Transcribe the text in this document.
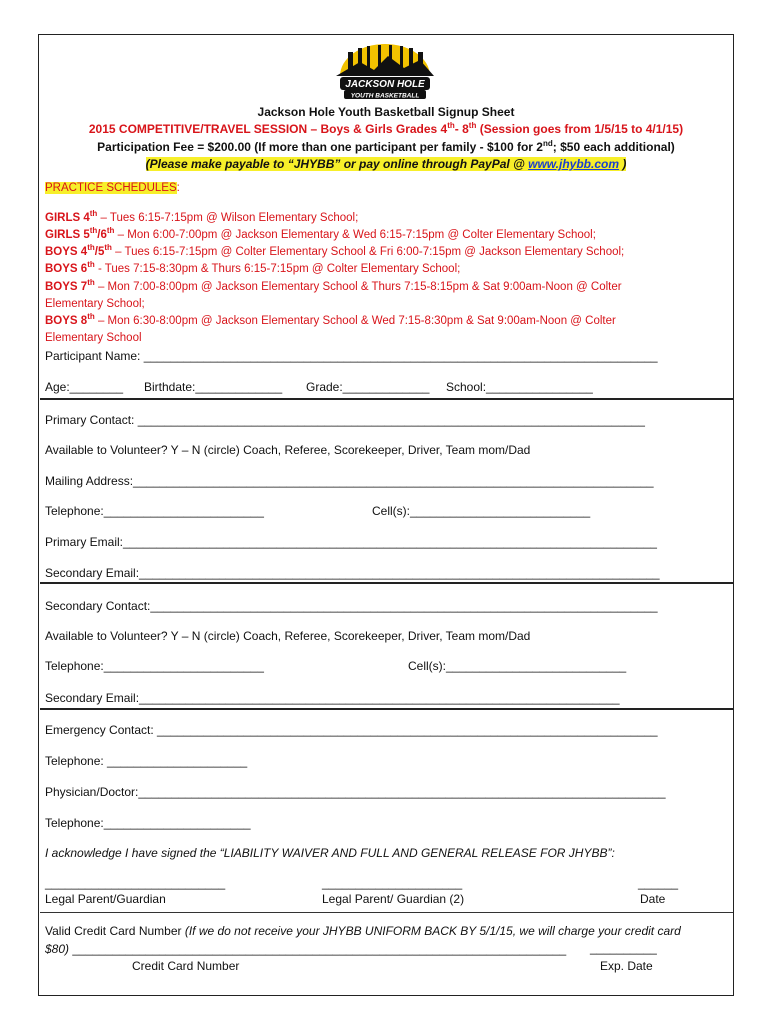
JACKSON HOLE
YOUTH BASKETBALL
Jackson Hole Youth Basketball Signup Sheet
2015 COMPETITIVE/TRAVEL SESSION – Boys & Girls Grades 4th- 8th (Session goes from 1/5/15 to 4/1/15)
Participation Fee = $200.00 (If more than one participant per family - $100 for 2nd; $50 each additional)
(Please make payable to “JHYBB” or pay online through PayPal @ www.jhybb.com )
PRACTICE SCHEDULES:
GIRLS 4th – Tues 6:15-7:15pm @ Wilson Elementary School;
GIRLS 5th/6th – Mon 6:00-7:00pm @ Jackson Elementary & Wed 6:15-7:15pm @ Colter Elementary School;
BOYS 4th/5th – Tues 6:15-7:15pm @ Colter Elementary School & Fri 6:00-7:15pm @ Jackson Elementary School;
BOYS 6th - Tues 7:15-8:30pm & Thurs 6:15-7:15pm @ Colter Elementary School;
BOYS 7th – Mon 7:00-8:00pm @ Jackson Elementary School & Thurs 7:15-8:15pm & Sat 9:00am-Noon @ Colter
Elementary School;
BOYS 8th – Mon 6:30-8:00pm @ Jackson Elementary School & Wed 7:15-8:30pm & Sat 9:00am-Noon @ Colter
Elementary School
Participant Name: _____________________________________________________________________________
Age:________ Birthdate:_____________ Grade:_____________ School:________________
Primary Contact: ____________________________________________________________________________
Available to Volunteer? Y – N (circle) Coach, Referee, Scorekeeper, Driver, Team mom/Dad
Mailing Address:______________________________________________________________________________
Telephone:________________________	Cell(s):___________________________
Primary Email:________________________________________________________________________________
Secondary Email:______________________________________________________________________________
Secondary Contact:____________________________________________________________________________
Available to Volunteer? Y – N (circle) Coach, Referee, Scorekeeper, Driver, Team mom/Dad
Telephone:________________________	Cell(s):___________________________
Secondary Email:________________________________________________________________________
Emergency Contact: ___________________________________________________________________________
Telephone: _____________________
Physician/Doctor:_______________________________________________________________________________
Telephone:______________________
I acknowledge I have signed the “LIABILITY WAIVER AND FULL AND GENERAL RELEASE FOR JHYBB”:
___________________________
Legal Parent/Guardian
_____________________
Legal Parent/ Guardian (2)
______
Date
Valid Credit Card Number (If we do not receive your JHYBB UNIFORM BACK BY 5/1/15, we will charge your credit card
$80) __________________________________________________________________________ __________
Credit Card Number	Exp. Date
